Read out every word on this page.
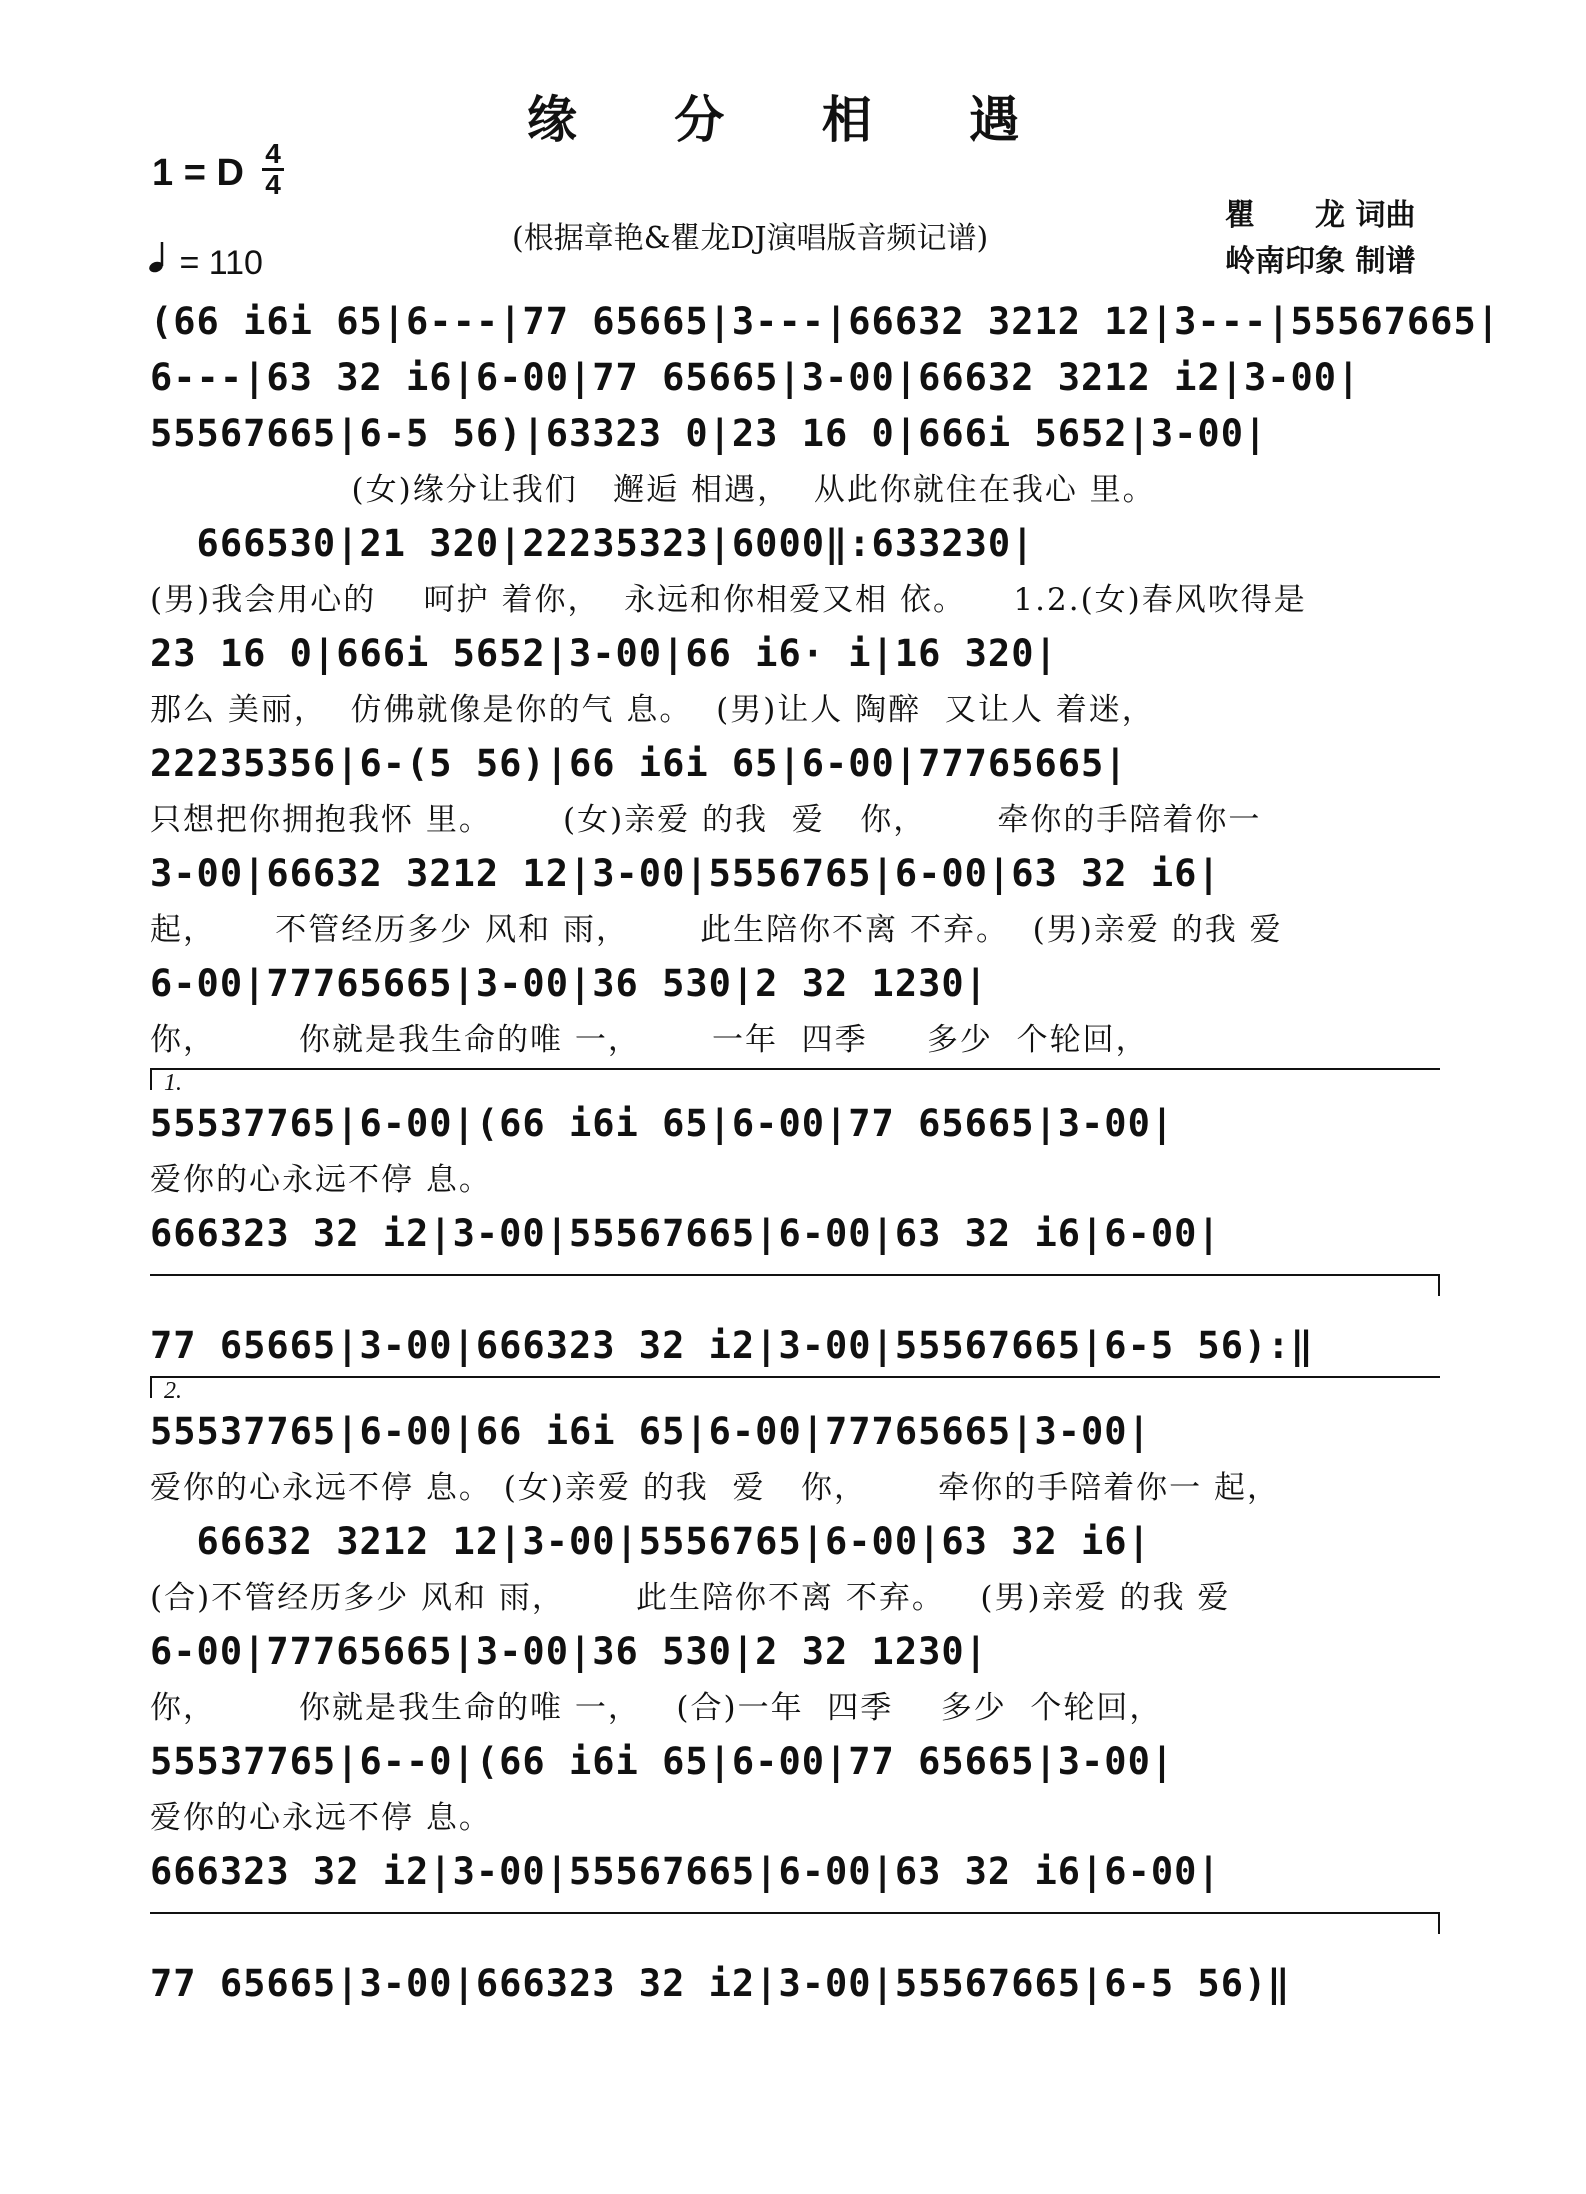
缘 分 相 遇
1 = D 4
4
= 110
(根据章艳&瞿龙DJ演唱版音频记谱)
瞿　　龙 词曲
岭南印象 制谱
(66 i6i 65|6---|77 65665|3---|66632 3212 12|3---|55567665|
6---|63 32 i6|6-00|77 65665|3-00|66632 3212 i2|3-00|
55567665|6-5 56)|63323 0|23 16 0|666i 5652|3-00|
(女)缘分让我们   邂逅 相遇，  从此你就住在我心 里。
666530|21 320|22235323|6000‖:633230|
(男)我会用心的    呵护 着你，  永远和你相爱又相 依。    1.2.(女)春风吹得是
23 16 0|666i 5652|3-00|66 i6· i|16 320|
那么 美丽，  仿佛就像是你的气 息。  (男)让人 陶醉  又让人 着迷，
22235356|6-(5 56)|66 i6i 65|6-00|77765665|
只想把你拥抱我怀 里。      (女)亲爱 的我  爱   你，      牵你的手陪着你一
3-00|66632 3212 12|3-00|5556765|6-00|63 32 i6|
起，     不管经历多少 风和 雨，      此生陪你不离 不弃。  (男)亲爱 的我 爱
6-00|77765665|3-00|36 530|2 32 1230|
你，       你就是我生命的唯 一，      一年  四季     多少  个轮回，
1.
55537765|6-00|(66 i6i 65|6-00|77 65665|3-00|
爱你的心永远不停 息。
666323 32 i2|3-00|55567665|6-00|63 32 i6|6-00|
77 65665|3-00|666323 32 i2|3-00|55567665|6-5 56):‖
2.
55537765|6-00|66 i6i 65|6-00|77765665|3-00|
爱你的心永远不停 息。 (女)亲爱 的我  爱   你，      牵你的手陪着你一 起，
66632 3212 12|3-00|5556765|6-00|63 32 i6|
(合)不管经历多少 风和 雨，      此生陪你不离 不弃。   (男)亲爱 的我 爱
6-00|77765665|3-00|36 530|2 32 1230|
你，       你就是我生命的唯 一，   (合)一年  四季    多少  个轮回，
55537765|6--0|(66 i6i 65|6-00|77 65665|3-00|
爱你的心永远不停 息。
666323 32 i2|3-00|55567665|6-00|63 32 i6|6-00|
77 65665|3-00|666323 32 i2|3-00|55567665|6-5 56)‖
